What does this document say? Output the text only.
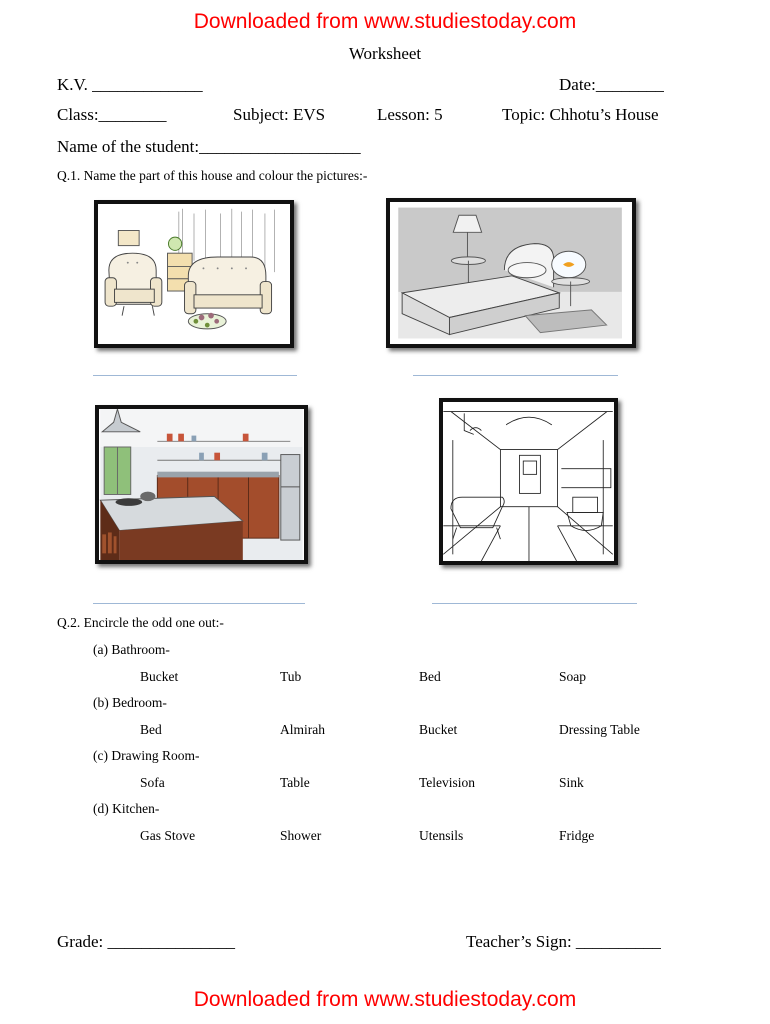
Downloaded from www.studiestoday.com
Worksheet
K.V. _____________	Date:________
Class:________	Subject: EVS	Lesson: 5	Topic: Chhotu’s House
Name of the student:___________________
Q.1. Name the part of this house and colour the pictures:-
Q.2. Encircle the odd one out:-
(a) Bathroom-
Bucket	Tub	Bed	Soap
(b) Bedroom-
Bed	Almirah	Bucket	Dressing Table
(c) Drawing Room-
Sofa	Table	Television	Sink
(d) Kitchen-
Gas Stove	Shower	Utensils	Fridge
Grade: _______________	Teacher’s Sign: __________
Downloaded from www.studiestoday.com
